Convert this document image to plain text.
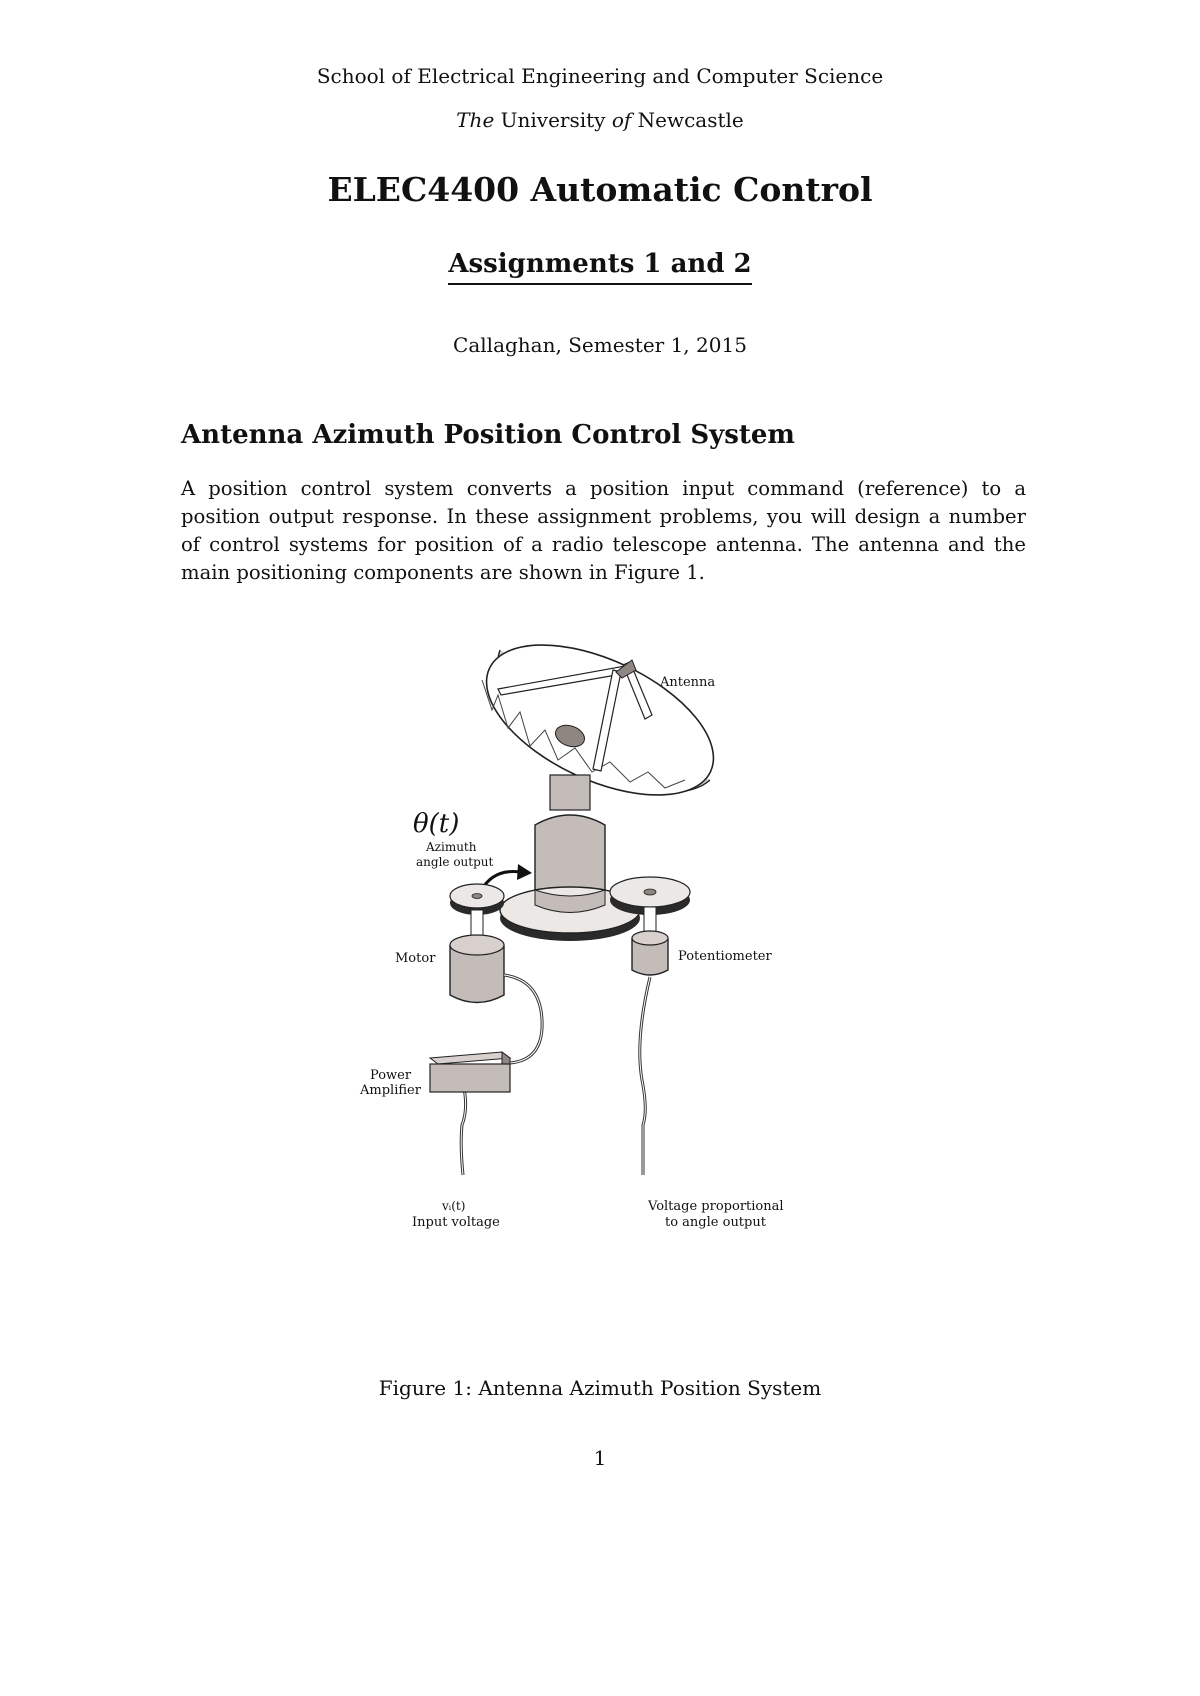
School of Electrical Engineering and Computer Science
The University of Newcastle
ELEC4400 Automatic Control
Assignments 1 and 2
Callaghan, Semester 1, 2015
Antenna Azimuth Position Control System

A position control system converts a position input command (reference) to a position output response. In these assignment problems, you will design a number of control systems for position of a radio telescope antenna. The antenna and the main positioning components are shown in Figure 1.

Antenna
θ(t)
Azimuth
angle output
Motor	Potentiometer
Power
Amplifier
vᵢ(t)
Input voltage
Voltage proportional
to angle output
Figure 1: Antenna Azimuth Position System
1
